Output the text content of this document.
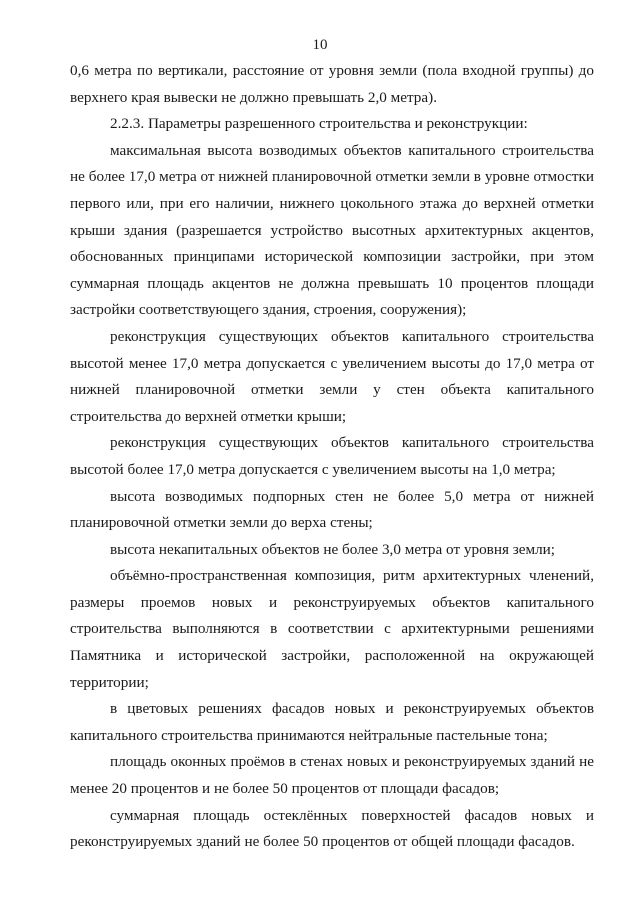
10

0,6 метра по вертикали, расстояние от уровня земли (пола входной группы) до верхнего края вывески не должно превышать 2,0 метра).

2.2.3. Параметры разрешенного строительства и реконструкции:

максимальная высота возводимых объектов капитального строительства не более 17,0 метра от нижней планировочной отметки земли в уровне отмостки первого или, при его наличии, нижнего цокольного этажа до верхней отметки крыши здания (разрешается устройство высотных архитектурных акцентов, обоснованных принципами исторической композиции застройки, при этом суммарная площадь акцентов не должна превышать 10 процентов площади застройки соответствующего здания, строения, сооружения);

реконструкция существующих объектов капитального строительства высотой менее 17,0 метра допускается с увеличением высоты до 17,0 метра от нижней планировочной отметки земли у стен объекта капитального строительства до верхней отметки крыши;

реконструкция существующих объектов капитального строительства высотой более 17,0 метра допускается с увеличением высоты на 1,0 метра;

высота возводимых подпорных стен не более 5,0 метра от нижней планировочной отметки земли до верха стены;

высота некапитальных объектов не более 3,0 метра от уровня земли;

объёмно-пространственная композиция, ритм архитектурных членений, размеры проемов новых и реконструируемых объектов капитального строительства выполняются в соответствии с архитектурными решениями Памятника и исторической застройки, расположенной на окружающей территории;

в цветовых решениях фасадов новых и реконструируемых объектов капитального строительства принимаются нейтральные пастельные тона;

площадь оконных проёмов в стенах новых и реконструируемых зданий не менее 20 процентов и не более 50 процентов от площади фасадов;

суммарная площадь остеклённых поверхностей фасадов новых и реконструируемых зданий не более 50 процентов от общей площади фасадов.
